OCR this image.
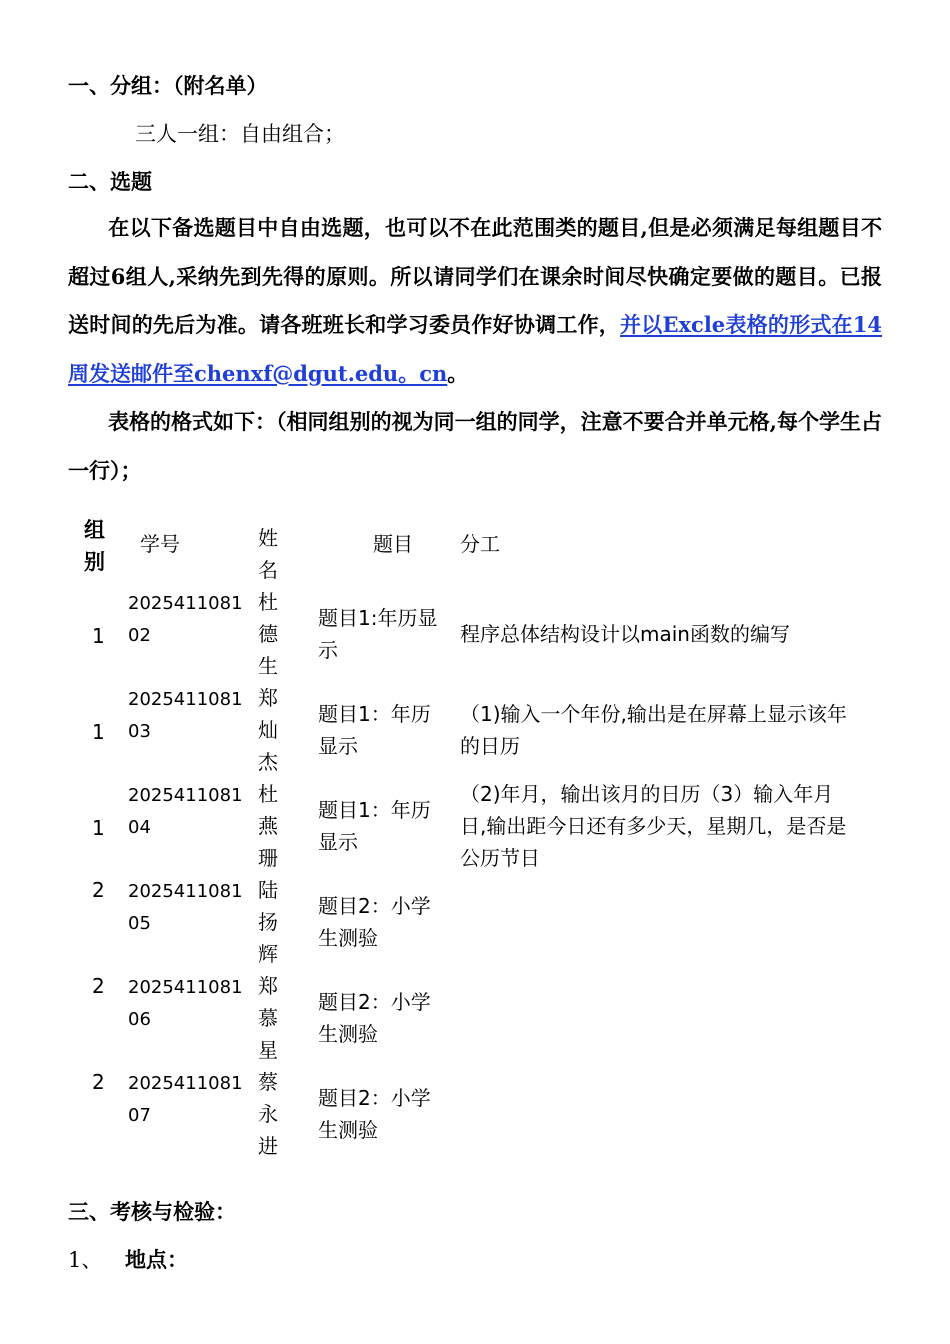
一、分组：（附名单）
三人一组：自由组合；
二、选题
在以下备选题目中自由选题，也可以不在此范围类的题目,但是必须满足每组题目不超过6组人,采纳先到先得的原则。所以请同学们在课余时间尽快确定要做的题目。已报送时间的先后为准。请各班班长和学习委员作好协调工作，并以Excle表格的形式在14周发送邮件至chenxf@dgut.edu。cn。
表格的格式如下：（相同组别的视为同一组的同学，注意不要合并单元格,每个学生占一行）；
组别
学号	姓名
题目 分工
1
202541108102
杜德生
题目1:年历显示
程序总体结构设计以main函数的编写
1
202541108103
郑灿杰
题目1：年历显示
（1)输入一个年份,输出是在屏幕上显示该年的日历
1
202541108104
杜燕珊
题目1：年历显示
（2)年月，输出该月的日历（3）输入年月日,输出距今日还有多少天，星期几，是否是公历节日
2 202541108105
陆扬辉
题目2：小学生测验
2 202541108106
郑慕星
题目2：小学生测验
2 202541108107
蔡永进
题目2：小学生测验
三、考核与检验：
1、 地点：
